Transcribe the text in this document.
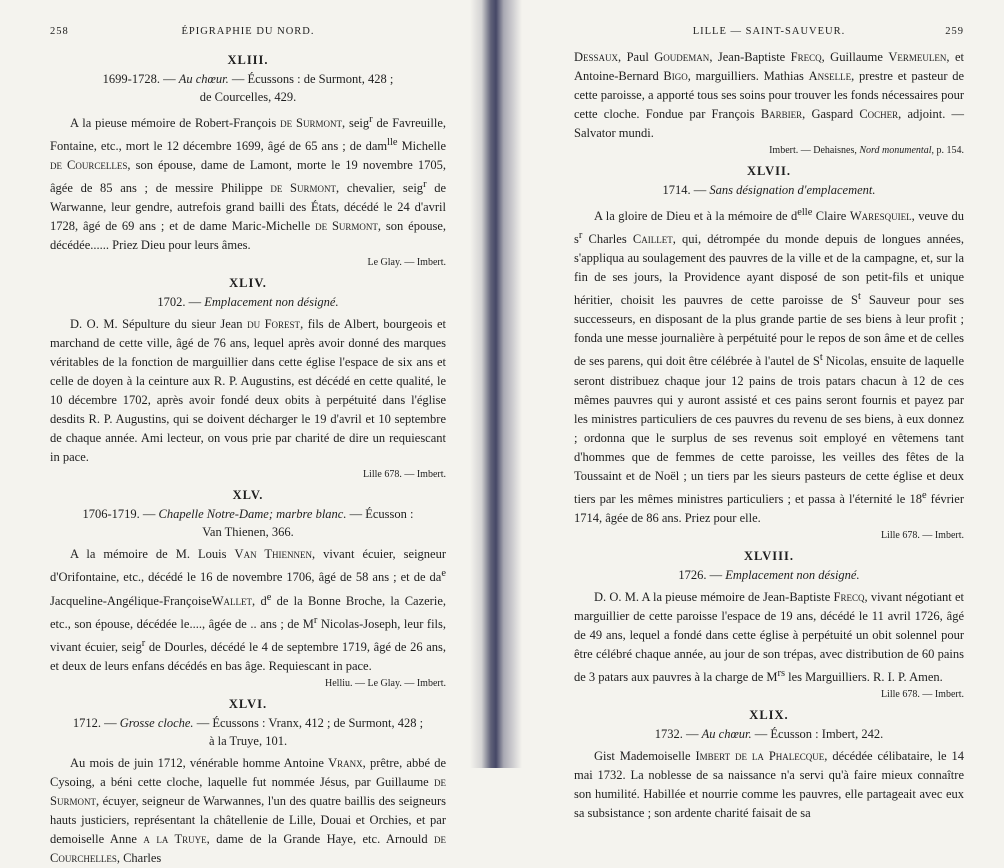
258	ÉPIGRAPHIE DU NORD.
XLIII.
1699-1728. — Au chœur. — Écussons : de Surmont, 428 ;
de Courcelles, 429.

A la pieuse mémoire de Robert-François de Surmont, seig$^r$ de Favreuille, Fontaine, etc., mort le 12 décembre 1699, âgé de 65 ans ; de dam$^{lle}$ Michelle de Courcelles, son épouse, dame de Lamont, morte le 19 novembre 1705, âgée de 85 ans ; de messire Philippe de Surmont, chevalier, seig$^r$ de Warwanne, leur gendre, autrefois grand bailli des États, décédé le 24 d'avril 1728, âgé de 69 ans ; et de dame Maric-Michelle de Surmont, son épouse, décédée...... Priez Dieu pour leurs âmes.

Le Glay. — Imbert.
XLIV.
1702. — Emplacement non désigné.

D. O. M. Sépulture du sieur Jean du Forest, fils de Albert, bourgeois et marchand de cette ville, âgé de 76 ans, lequel après avoir donné des marques véritables de la fonction de marguillier dans cette église l'espace de six ans et celle de doyen à la ceinture aux R. P. Augustins, est décédé en cette qualité, le 10 décembre 1702, après avoir fondé deux obits à perpétuité dans l'église desdits R. P. Augustins, qui se doivent décharger le 19 d'avril et 10 septembre de chaque année. Ami lecteur, on vous prie par charité de dire un requiescant in pace.

Lille 678. — Imbert.
XLV.
1706-1719. — Chapelle Notre-Dame; marbre blanc. — Écusson :
Van Thienen, 366.

A la mémoire de M. Louis Van Thiennen, vivant écuier, seigneur d'Orifontaine, etc., décédé le 16 de novembre 1706, âgé de 58 ans ; et de $da^e$ Jacqueline-Angélique-FrançoiseWallet, $d^e$ de la Bonne Broche, la Cazerie, etc., son épouse, décédée le...., âgée de .. ans ; de $M^r$ Nicolas-Joseph, leur fils, vivant écuier, seig$^r$ de Dourles, décédé le 4 de septembre 1719, âgé de 26 ans, et deux de leurs enfans décédés en bas âge. Requiescant in pace.

Helliu. — Le Glay. — Imbert.
XLVI.
1712. — Grosse cloche. — Écussons : Vranx, 412 ; de Surmont, 428 ;
à la Truye, 101.

Au mois de juin 1712, vénérable homme Antoine Vranx, prêtre, abbé de Cysoing, a béni cette cloche, laquelle fut nommée Jésus, par Guillaume de Surmont, écuyer, seigneur de Warwannes, l'un des quatre baillis des seigneurs hauts justiciers, représentant la châtellenie de Lille, Douai et Orchies, et par demoiselle Anne a la Truye, dame de la Grande Haye, etc. Arnould de Courchelles, Charles

LILLE — SAINT-SAUVEUR.	259

Dessaux, Paul Goudeman, Jean-Baptiste Frecq, Guillaume Vermeulen, et Antoine-Bernard Bigo, marguilliers. Mathias Anselle, prestre et pasteur de cette paroisse, a apporté tous ses soins pour trouver les fonds nécessaires pour cette cloche. Fondue par François Barbier, Gaspard Cocher, adjoint. — Salvator mundi.

Imbert. — Dehaisnes, Nord monumental, p. 154.
XLVII.
1714. — Sans désignation d'emplacement.

A la gloire de Dieu et à la mémoire de $d^{elle}$ Claire Waresquiel, veuve du $s^r$ Charles Caillet, qui, détrompée du monde depuis de longues années, s'appliqua au soulagement des pauvres de la ville et de la campagne, et, sur la fin de ses jours, la Providence ayant disposé de son petit-fils et unique héritier, choisit les pauvres de cette paroisse de $S^t$ Sauveur pour ses successeurs, en disposant de la plus grande partie de ses biens à leur profit ; fonda une messe journalière à perpétuité pour le repos de son âme et de celles de ses parens, qui doit être célébrée à l'autel de $S^t$ Nicolas, ensuite de laquelle seront distribuez chaque jour 12 pains de trois patars chacun à 12 de ces mêmes pauvres qui y auront assisté et ces pains seront fournis et payez par les ministres particuliers de ces pauvres du revenu de ses biens, à eux donnez ; ordonna que le surplus de ses revenus soit employé en vêtemens tant d'hommes que de femmes de cette paroisse, les veilles des fêtes de la Toussaint et de Noël ; un tiers par les sieurs pasteurs de cette église et deux tiers par les mêmes ministres particuliers ; et passa à l'éternité le 18e février 1714, âgée de 86 ans. Priez pour elle.

Lille 678. — Imbert.
XLVIII.
1726. — Emplacement non désigné.

D. O. M. A la pieuse mémoire de Jean-Baptiste Frecq, vivant négotiant et marguillier de cette paroisse l'espace de 19 ans, décédé le 11 avril 1726, âgé de 49 ans, lequel a fondé dans cette église à perpétuité un obit solennel pour être célébré chaque année, au jour de son trépas, avec distribution de 60 pains de 3 patars aux pauvres à la charge de $M^{rs}$ les Marguilliers. R. I. P. Amen.

Lille 678. — Imbert.
XLIX.
1732. — Au chœur. — Écusson : Imbert, 242.

Gist Mademoiselle Imbert de la Phalecque, décédée célibataire, le 14 mai 1732. La noblesse de sa naissance n'a servi qu'à faire mieux connaître son humilité. Habillée et nourrie comme les pauvres, elle partageait avec eux sa subsistance ; son ardente charité faisait de sa
